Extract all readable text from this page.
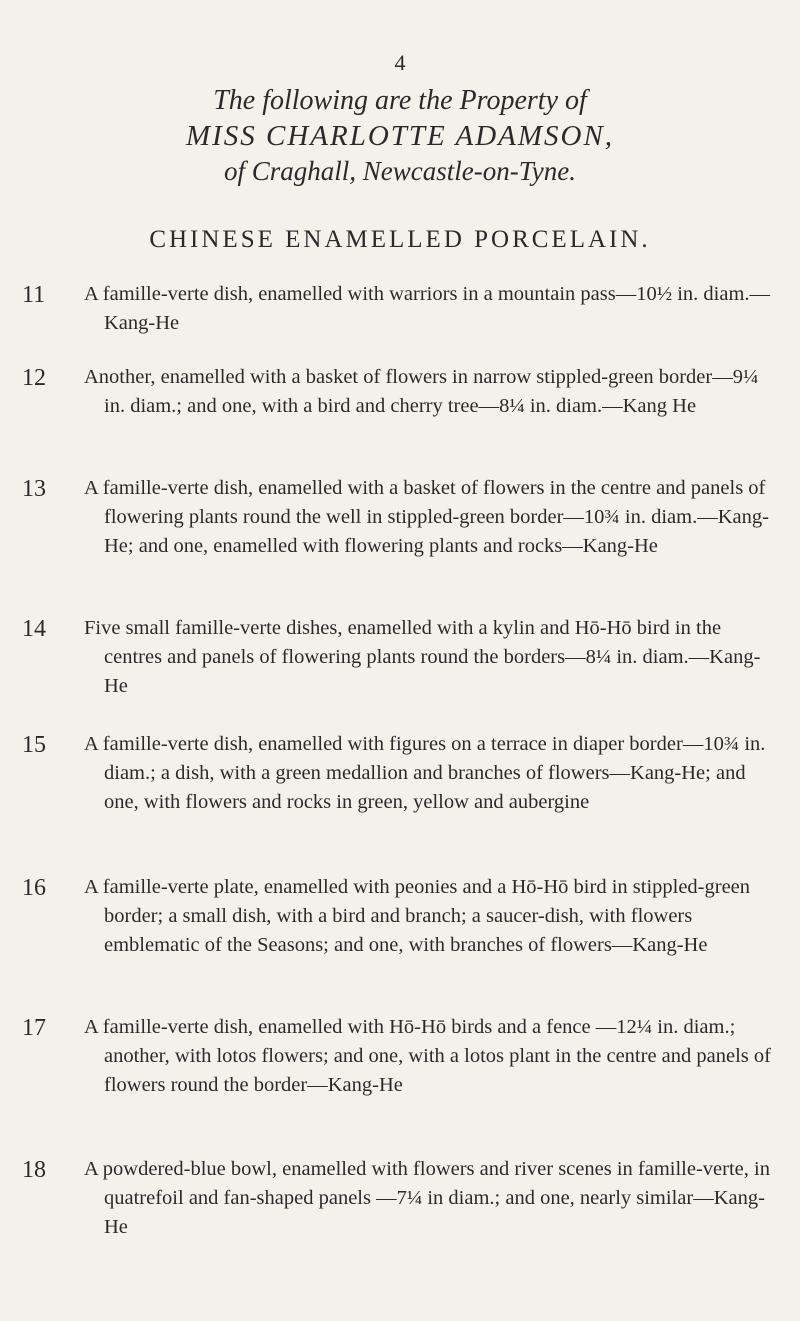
4
The following are the Property of
MISS CHARLOTTE ADAMSON,
of Craghall, Newcastle-on-Tyne.
CHINESE ENAMELLED PORCELAIN.
11 A famille-verte dish, enamelled with warriors in a mountain pass—10½ in. diam.—Kang-He
12 Another, enamelled with a basket of flowers in narrow stippled-green border—9¼ in. diam.; and one, with a bird and cherry tree—8¼ in. diam.—Kang He
13 A famille-verte dish, enamelled with a basket of flowers in the centre and panels of flowering plants round the well in stippled-green border—10¾ in. diam.—Kang-He; and one, enamelled with flowering plants and rocks—Kang-He
14 Five small famille-verte dishes, enamelled with a kylin and Hō-Hō bird in the centres and panels of flowering plants round the borders—8¼ in. diam.—Kang-He
15 A famille-verte dish, enamelled with figures on a terrace in diaper border—10¾ in. diam.; a dish, with a green medallion and branches of flowers—Kang-He; and one, with flowers and rocks in green, yellow and aubergine
16 A famille-verte plate, enamelled with peonies and a Hō-Hō bird in stippled-green border; a small dish, with a bird and branch; a saucer-dish, with flowers emblematic of the Seasons; and one, with branches of flowers—Kang-He
17 A famille-verte dish, enamelled with Hō-Hō birds and a fence —12¼ in. diam.; another, with lotos flowers; and one, with a lotos plant in the centre and panels of flowers round the border—Kang-He
18 A powdered-blue bowl, enamelled with flowers and river scenes in famille-verte, in quatrefoil and fan-shaped panels —7¼ in diam.; and one, nearly similar—Kang-He
